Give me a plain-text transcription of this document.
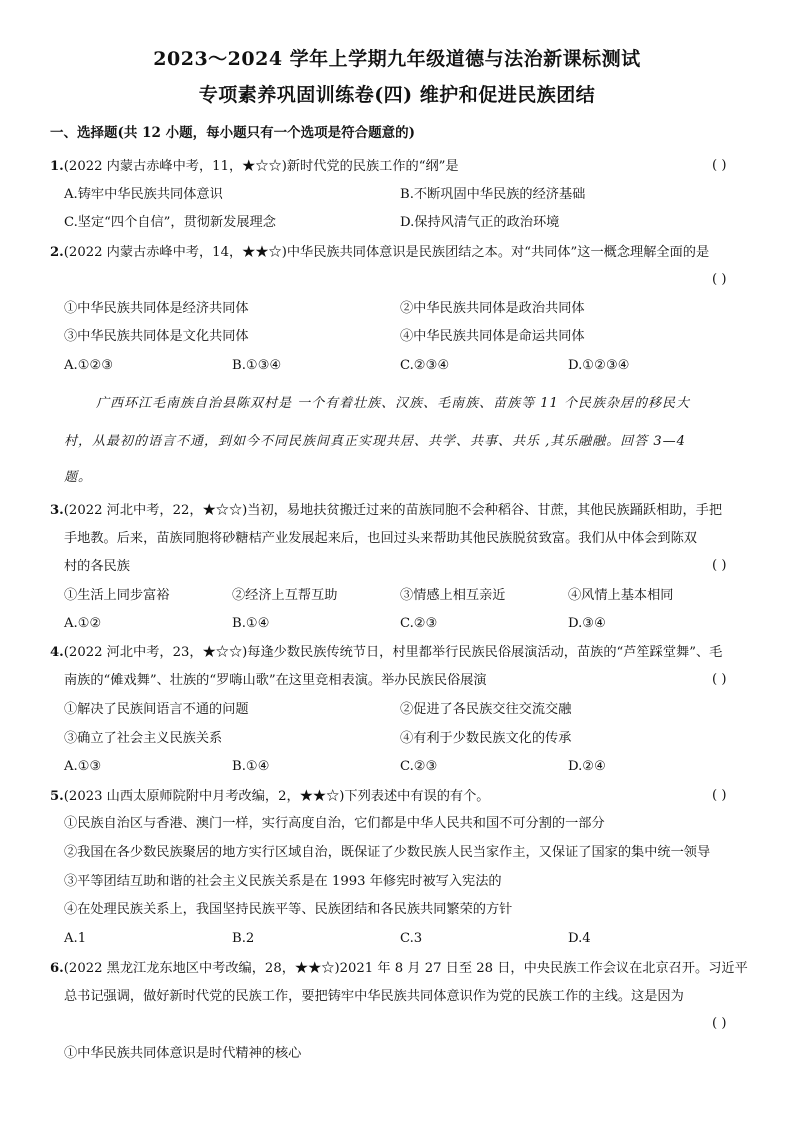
2023～2024 学年上学期九年级道德与法治新课标测试
专项素养巩固训练卷(四) 维护和促进民族团结
一、选择题(共 12 小题，每小题只有一个选项是符合题意的)
1.(2022 内蒙古赤峰中考，11，★☆☆)新时代党的民族工作的“纲”是	( )
A.铸牢中华民族共同体意识	B.不断巩固中华民族的经济基础
C.坚定“四个自信”，贯彻新发展理念	D.保持风清气正的政治环境
2.(2022 内蒙古赤峰中考，14，★★☆)中华民族共同体意识是民族团结之本。对“共同体”这一概念理解全面的是
( )
①中华民族共同体是经济共同体	②中华民族共同体是政治共同体
③中华民族共同体是文化共同体	④中华民族共同体是命运共同体
A.①②③	B.①③④	C.②③④	D.①②③④
广西环江毛南族自治县陈双村是 一个有着壮族、汉族、毛南族、苗族等 11 个民族杂居的移民大
村，从最初的语言不通，到如今不同民族间真正实现共居、共学、共事、共乐 ,其乐融融。回答 3—4
题。
3.(2022 河北中考，22，★☆☆)当初，易地扶贫搬迁过来的苗族同胞不会种稻谷、甘蔗，其他民族踊跃相助，手把
手地教。后来，苗族同胞将砂糖桔产业发展起来后，也回过头来帮助其他民族脱贫致富。我们从中体会到陈双
村的各民族	( )
①生活上同步富裕	②经济上互帮互助	③情感上相互亲近	④风情上基本相同
A.①②	B.①④	C.②③	D.③④
4.(2022 河北中考，23，★☆☆)每逢少数民族传统节日，村里都举行民族民俗展演活动，苗族的“芦笙踩堂舞”、毛
南族的“傩戏舞”、壮族的“罗嗨山歌”在这里竞相表演。举办民族民俗展演	( )
①解决了民族间语言不通的问题	②促进了各民族交往交流交融
③确立了社会主义民族关系	④有利于少数民族文化的传承
A.①③	B.①④	C.②③	D.②④
5.(2023 山西太原师院附中月考改编，2，★★☆)下列表述中有误的有个。	( )
①民族自治区与香港、澳门一样，实行高度自治，它们都是中华人民共和国不可分割的一部分
②我国在各少数民族聚居的地方实行区域自治，既保证了少数民族人民当家作主，又保证了国家的集中统一领导
③平等团结互助和谐的社会主义民族关系是在 1993 年修宪时被写入宪法的
④在处理民族关系上，我国坚持民族平等、民族团结和各民族共同繁荣的方针
A.1	B.2	C.3	D.4
6.(2022 黑龙江龙东地区中考改编，28，★★☆)2021 年 8 月 27 日至 28 日，中央民族工作会议在北京召开。习近平
总书记强调，做好新时代党的民族工作，要把铸牢中华民族共同体意识作为党的民族工作的主线。这是因为
( )
①中华民族共同体意识是时代精神的核心
